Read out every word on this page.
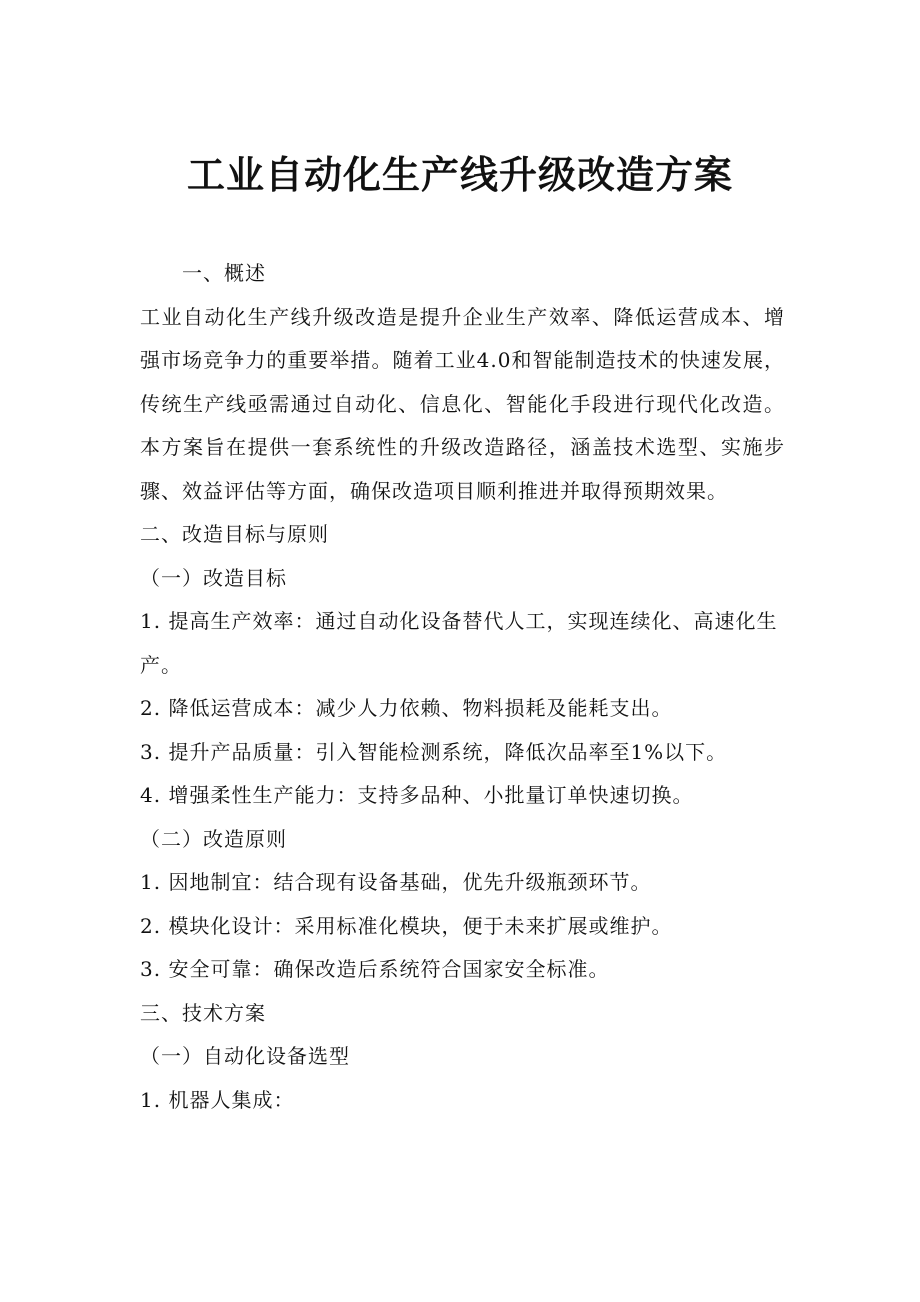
工业自动化生产线升级改造方案

一、概述

工业自动化生产线升级改造是提升企业生产效率、降低运营成本、增强市场竞争力的重要举措。随着工业4.0和智能制造技术的快速发展，传统生产线亟需通过自动化、信息化、智能化手段进行现代化改造。本方案旨在提供一套系统性的升级改造路径，涵盖技术选型、实施步骤、效益评估等方面，确保改造项目顺利推进并取得预期效果。

二、改造目标与原则

（一）改造目标

1. 提高生产效率：通过自动化设备替代人工，实现连续化、高速化生产。

2. 降低运营成本：减少人力依赖、物料损耗及能耗支出。

3. 提升产品质量：引入智能检测系统，降低次品率至1%以下。

4. 增强柔性生产能力：支持多品种、小批量订单快速切换。

（二）改造原则

1. 因地制宜：结合现有设备基础，优先升级瓶颈环节。

2. 模块化设计：采用标准化模块，便于未来扩展或维护。

3. 安全可靠：确保改造后系统符合国家安全标准。

三、技术方案

（一）自动化设备选型

1. 机器人集成：
